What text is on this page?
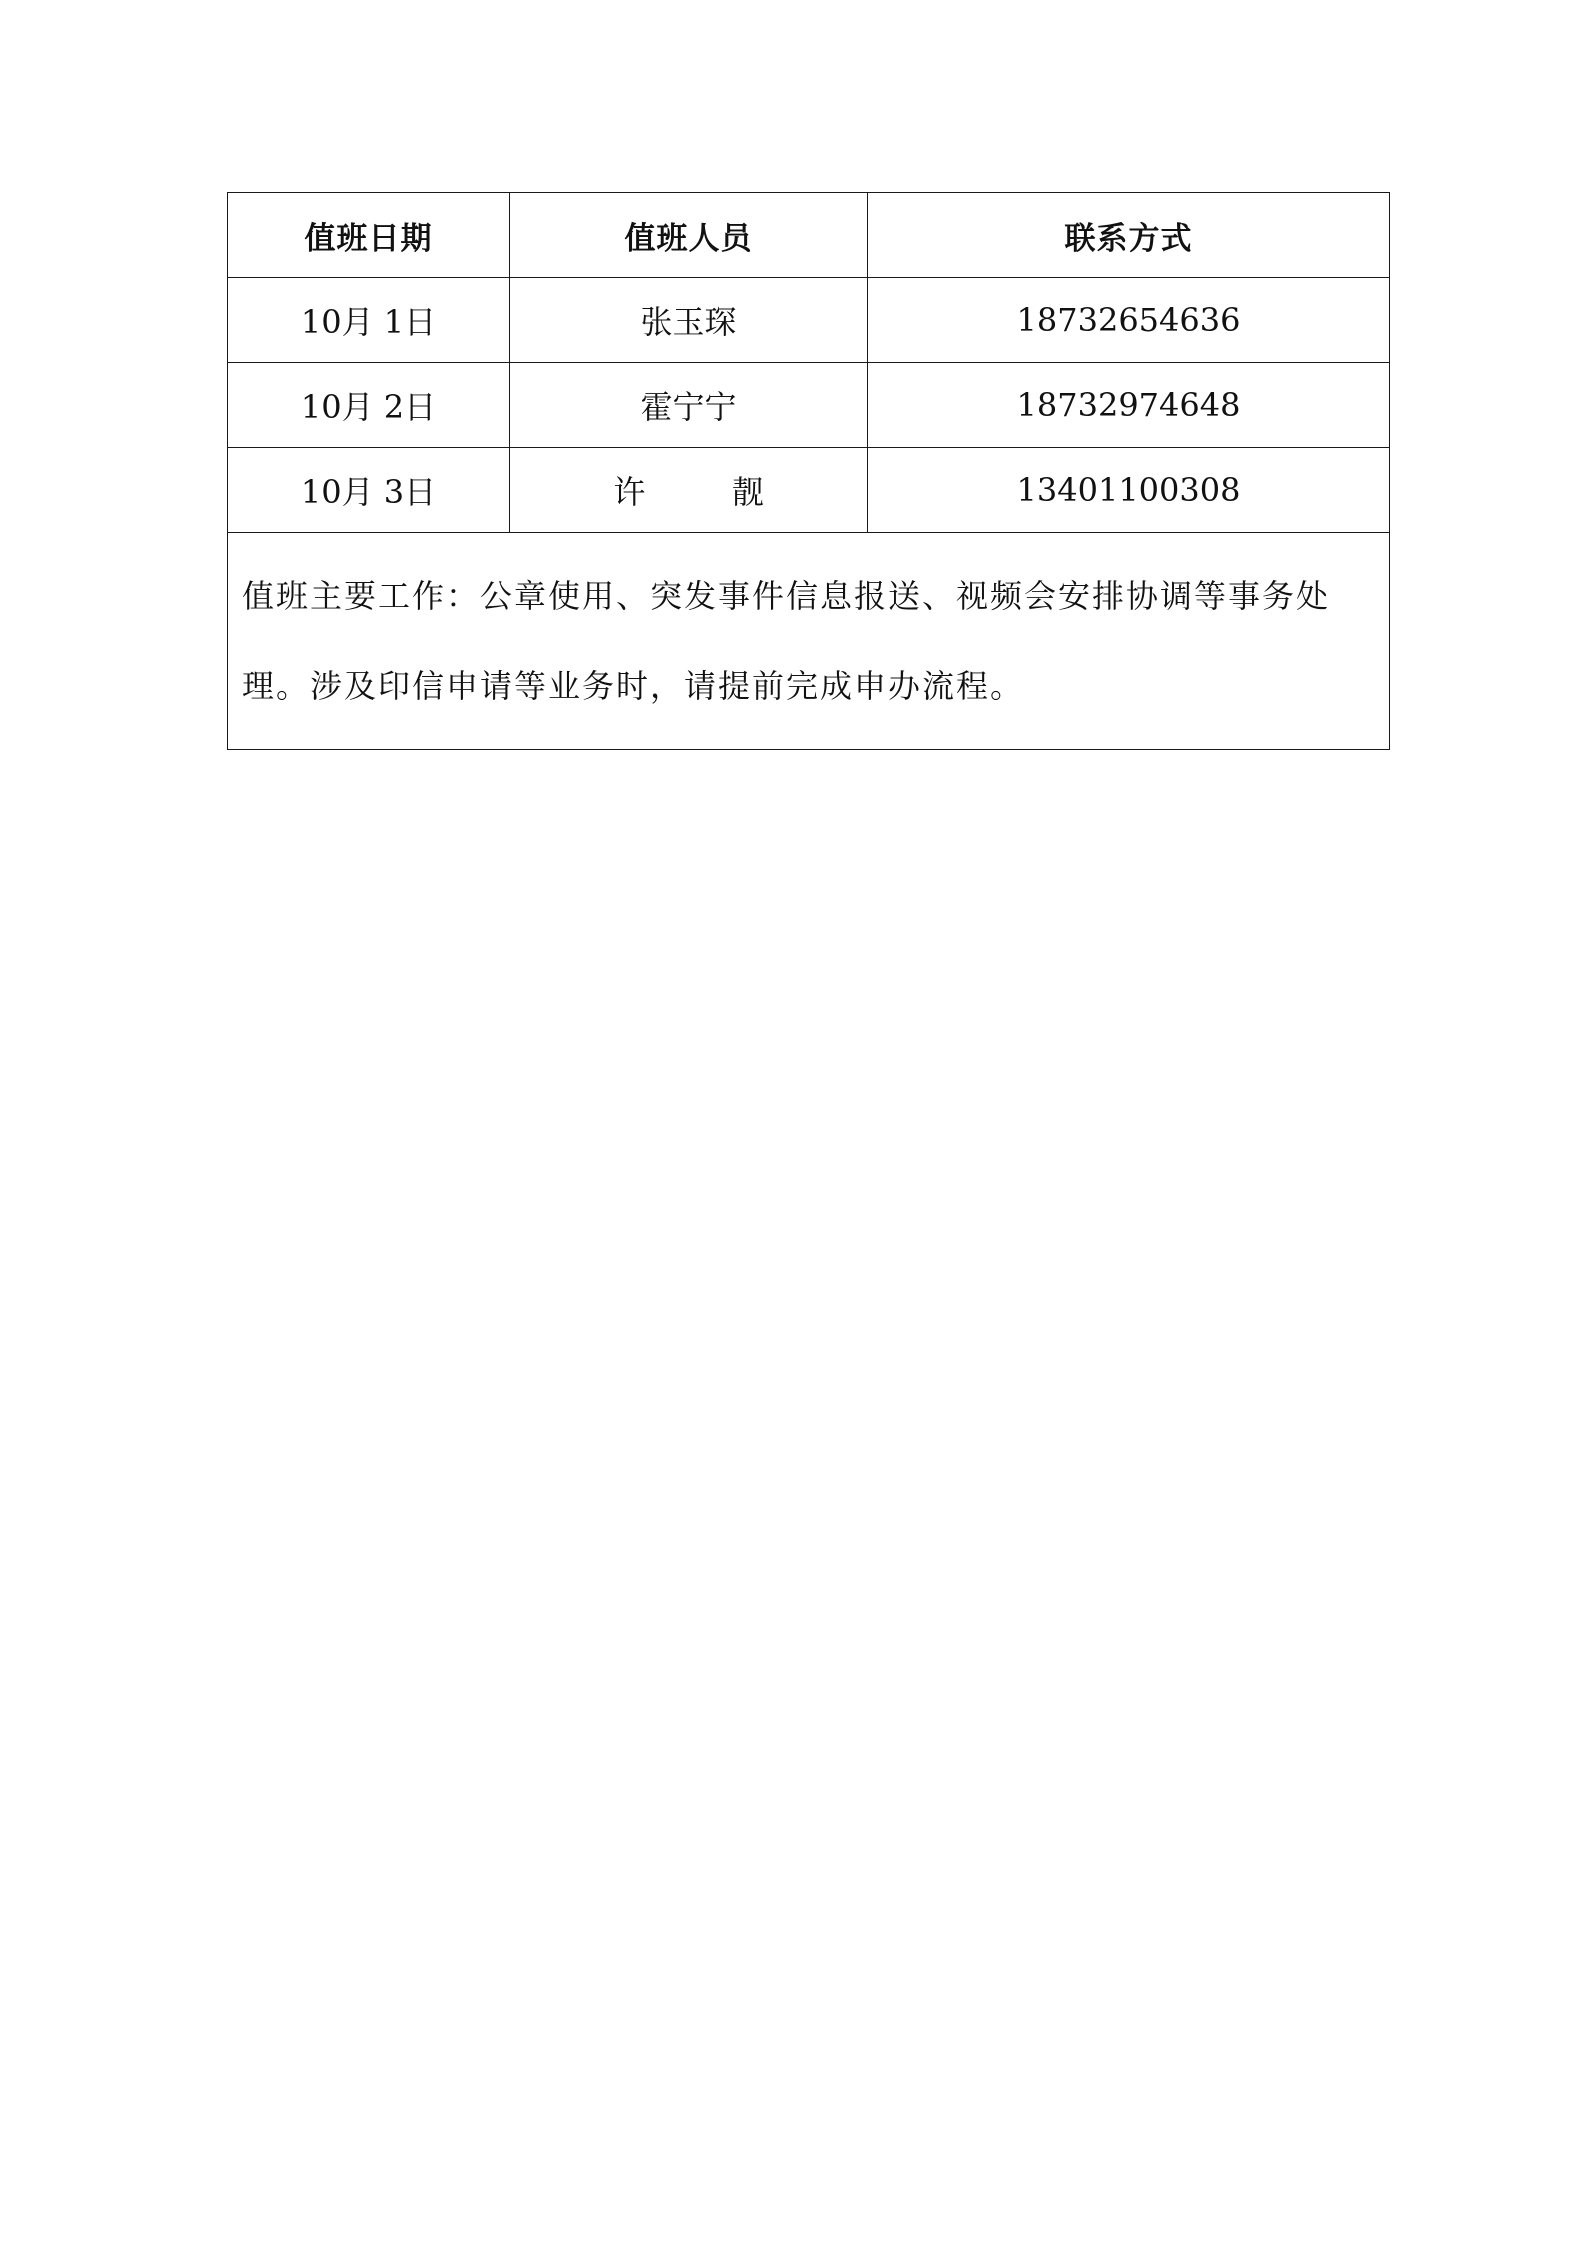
值班日期	值班人员	联系方式
10月 1日	张玉琛	18732654636
10月 2日	霍宁宁	18732974648
10月 3日	许 靓	13401100308
值班主要工作：公章使用、突发事件信息报送、视频会安排协调等事务处理。涉及印信申请等业务时，请提前完成申办流程。		
